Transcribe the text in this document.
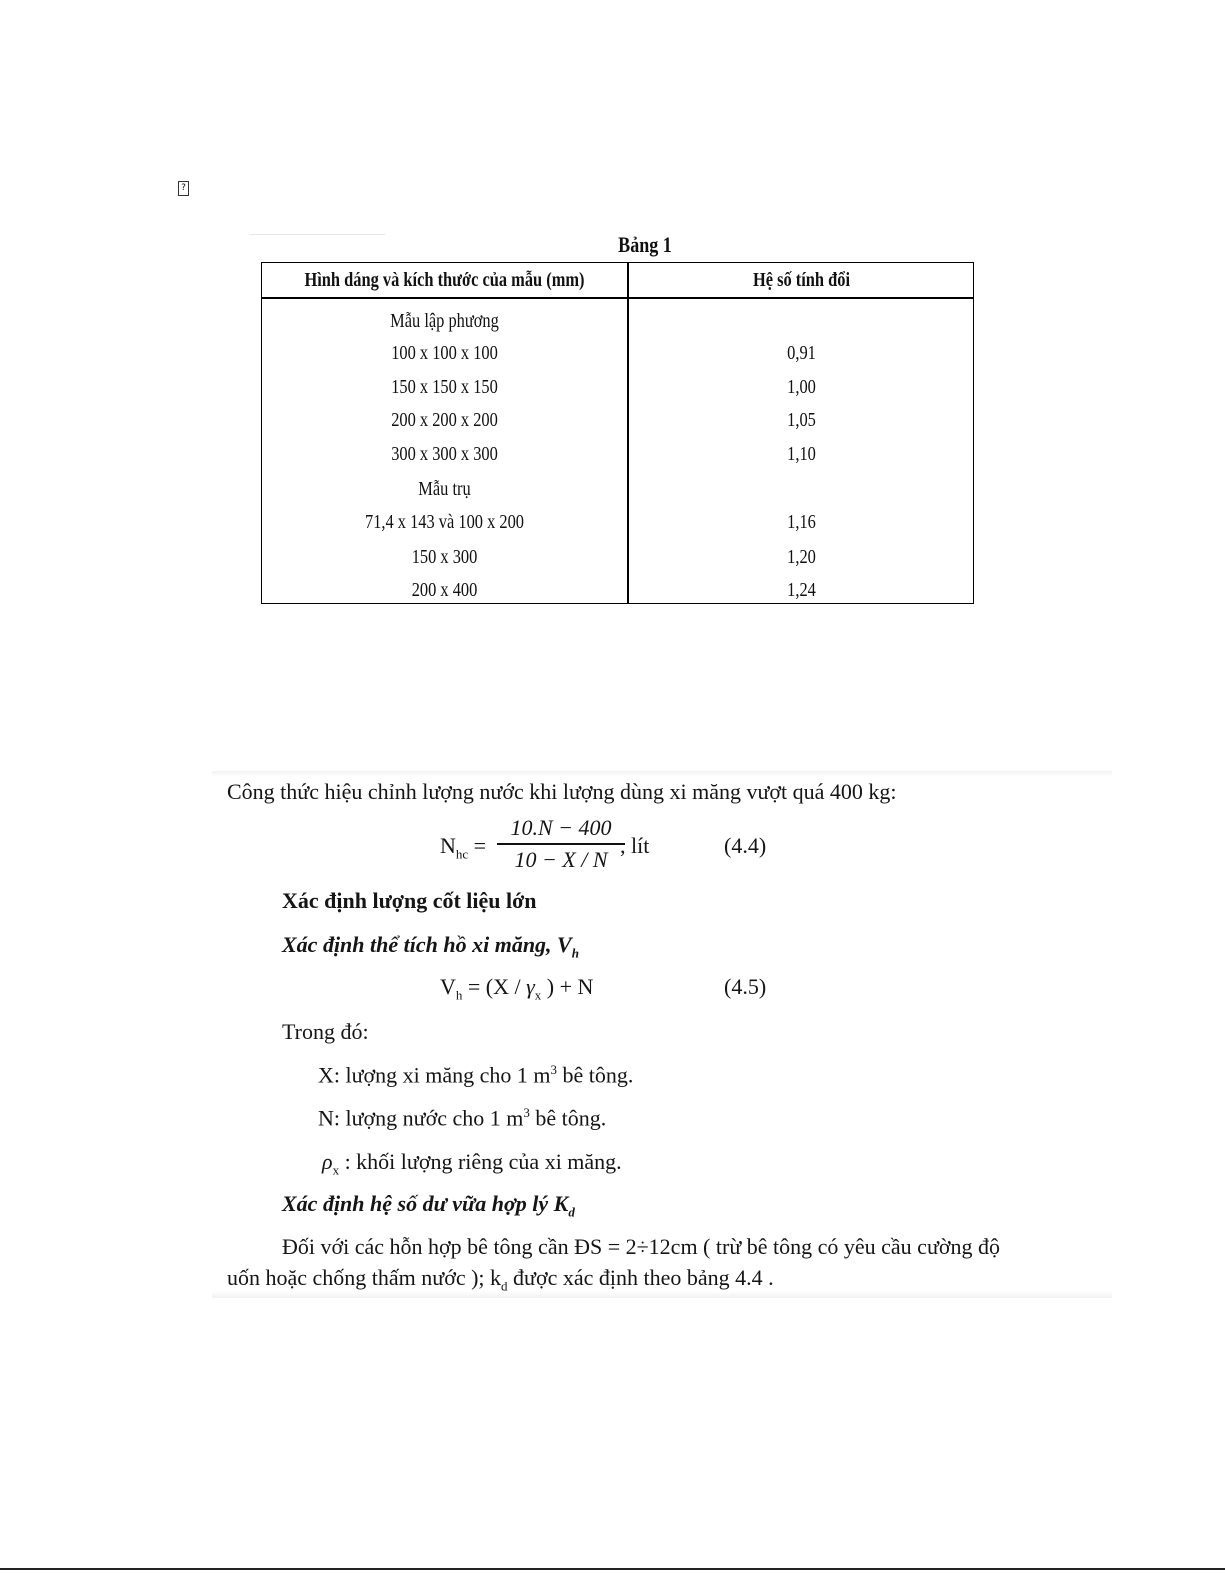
?
Bảng 1
Hình dáng và kích thước của mẫu (mm)	Hệ số tính đổi
Mẫu lập phương
100 x 100 x 100	0,91
150 x 150 x 150	1,00
200 x 200 x 200	1,05
300 x 300 x 300	1,10
Mẫu trụ
71,4 x 143 và 100 x 200	1,16
150 x 300	1,20
200 x 400	1,24
Công thức hiệu chỉnh lượng nước khi lượng dùng xi măng vượt quá 400 kg:
$N_{hc}$ =
10.N − 400
10 − X / N
, lít	(4.4)
Xác định lượng cốt liệu lớn
Xác định thể tích hồ xi măng, $V_h$
$V_h = (X / \gamma_x$ ) + N	(4.5)
Trong đó:
X: lượng xi măng cho 1 $m^3$ bê tông.
N: lượng nước cho 1 $m^3$ bê tông.
$\rho_x$ : khối lượng riêng của xi măng.
Xác định hệ số dư vữa hợp lý $K_d$
Đối với các hỗn hợp bê tông cần ĐS = 2÷12cm ( trừ bê tông có yêu cầu cường độ
uốn hoặc chống thấm nước ); $k_d$ được xác định theo bảng 4.4 .
